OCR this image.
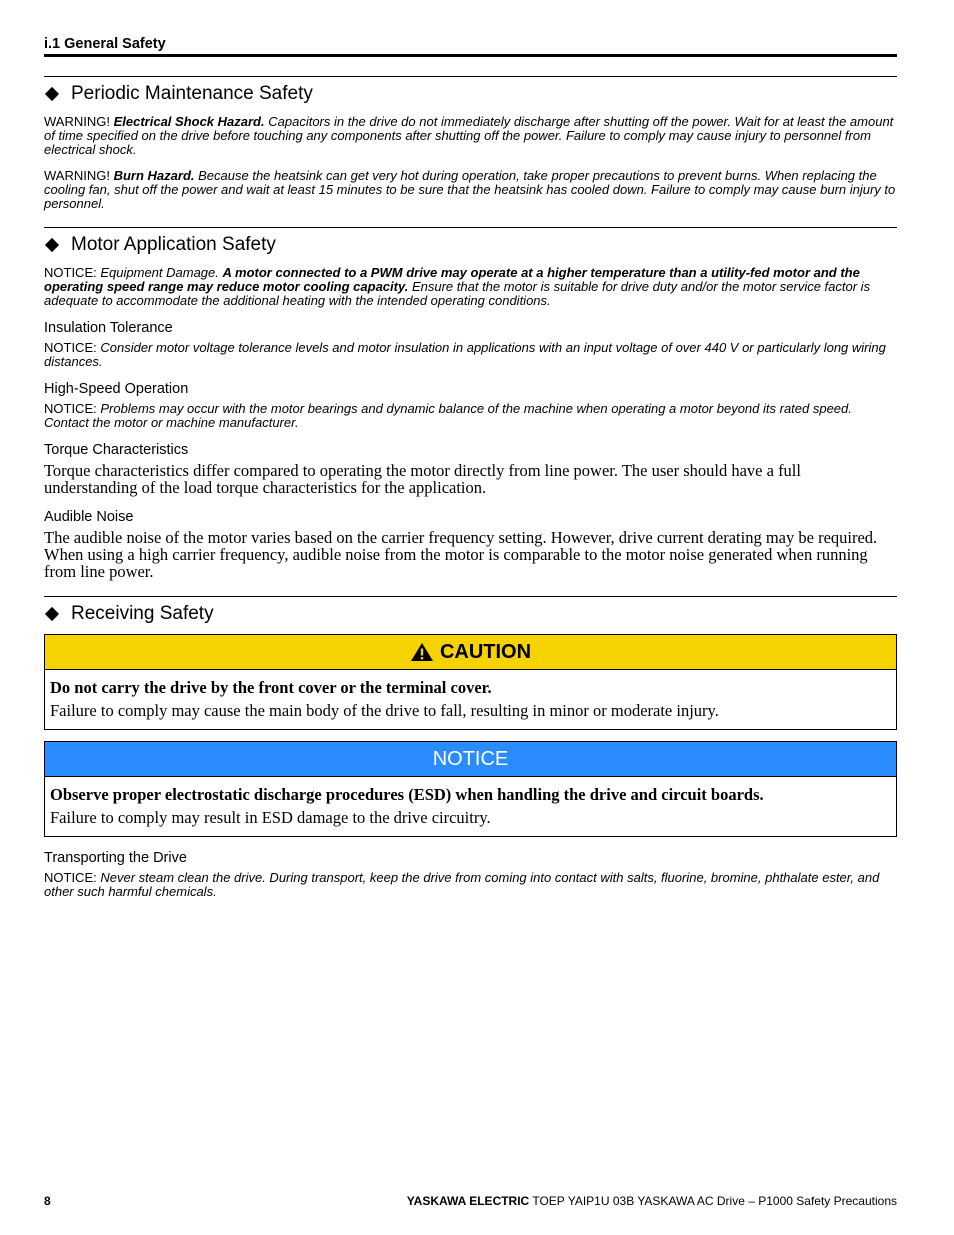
i.1 General Safety
Periodic Maintenance Safety
WARNING! Electrical Shock Hazard. Capacitors in the drive do not immediately discharge after shutting off the power. Wait for at least the amount of time specified on the drive before touching any components after shutting off the power. Failure to comply may cause injury to personnel from electrical shock.
WARNING! Burn Hazard. Because the heatsink can get very hot during operation, take proper precautions to prevent burns. When replacing the cooling fan, shut off the power and wait at least 15 minutes to be sure that the heatsink has cooled down. Failure to comply may cause burn injury to personnel.
Motor Application Safety
NOTICE: Equipment Damage. A motor connected to a PWM drive may operate at a higher temperature than a utility-fed motor and the operating speed range may reduce motor cooling capacity. Ensure that the motor is suitable for drive duty and/or the motor service factor is adequate to accommodate the additional heating with the intended operating conditions.
Insulation Tolerance
NOTICE: Consider motor voltage tolerance levels and motor insulation in applications with an input voltage of over 440 V or particularly long wiring distances.
High-Speed Operation
NOTICE: Problems may occur with the motor bearings and dynamic balance of the machine when operating a motor beyond its rated speed. Contact the motor or machine manufacturer.
Torque Characteristics
Torque characteristics differ compared to operating the motor directly from line power. The user should have a full understanding of the load torque characteristics for the application.
Audible Noise
The audible noise of the motor varies based on the carrier frequency setting. However, drive current derating may be required. When using a high carrier frequency, audible noise from the motor is comparable to the motor noise generated when running from line power.
Receiving Safety
CAUTION
Do not carry the drive by the front cover or the terminal cover.
Failure to comply may cause the main body of the drive to fall, resulting in minor or moderate injury.
NOTICE
Observe proper electrostatic discharge procedures (ESD) when handling the drive and circuit boards.
Failure to comply may result in ESD damage to the drive circuitry.
Transporting the Drive
NOTICE: Never steam clean the drive. During transport, keep the drive from coming into contact with salts, fluorine, bromine, phthalate ester, and other such harmful chemicals.
8	YASKAWA ELECTRIC TOEP YAIP1U 03B YASKAWA AC Drive – P1000 Safety Precautions
